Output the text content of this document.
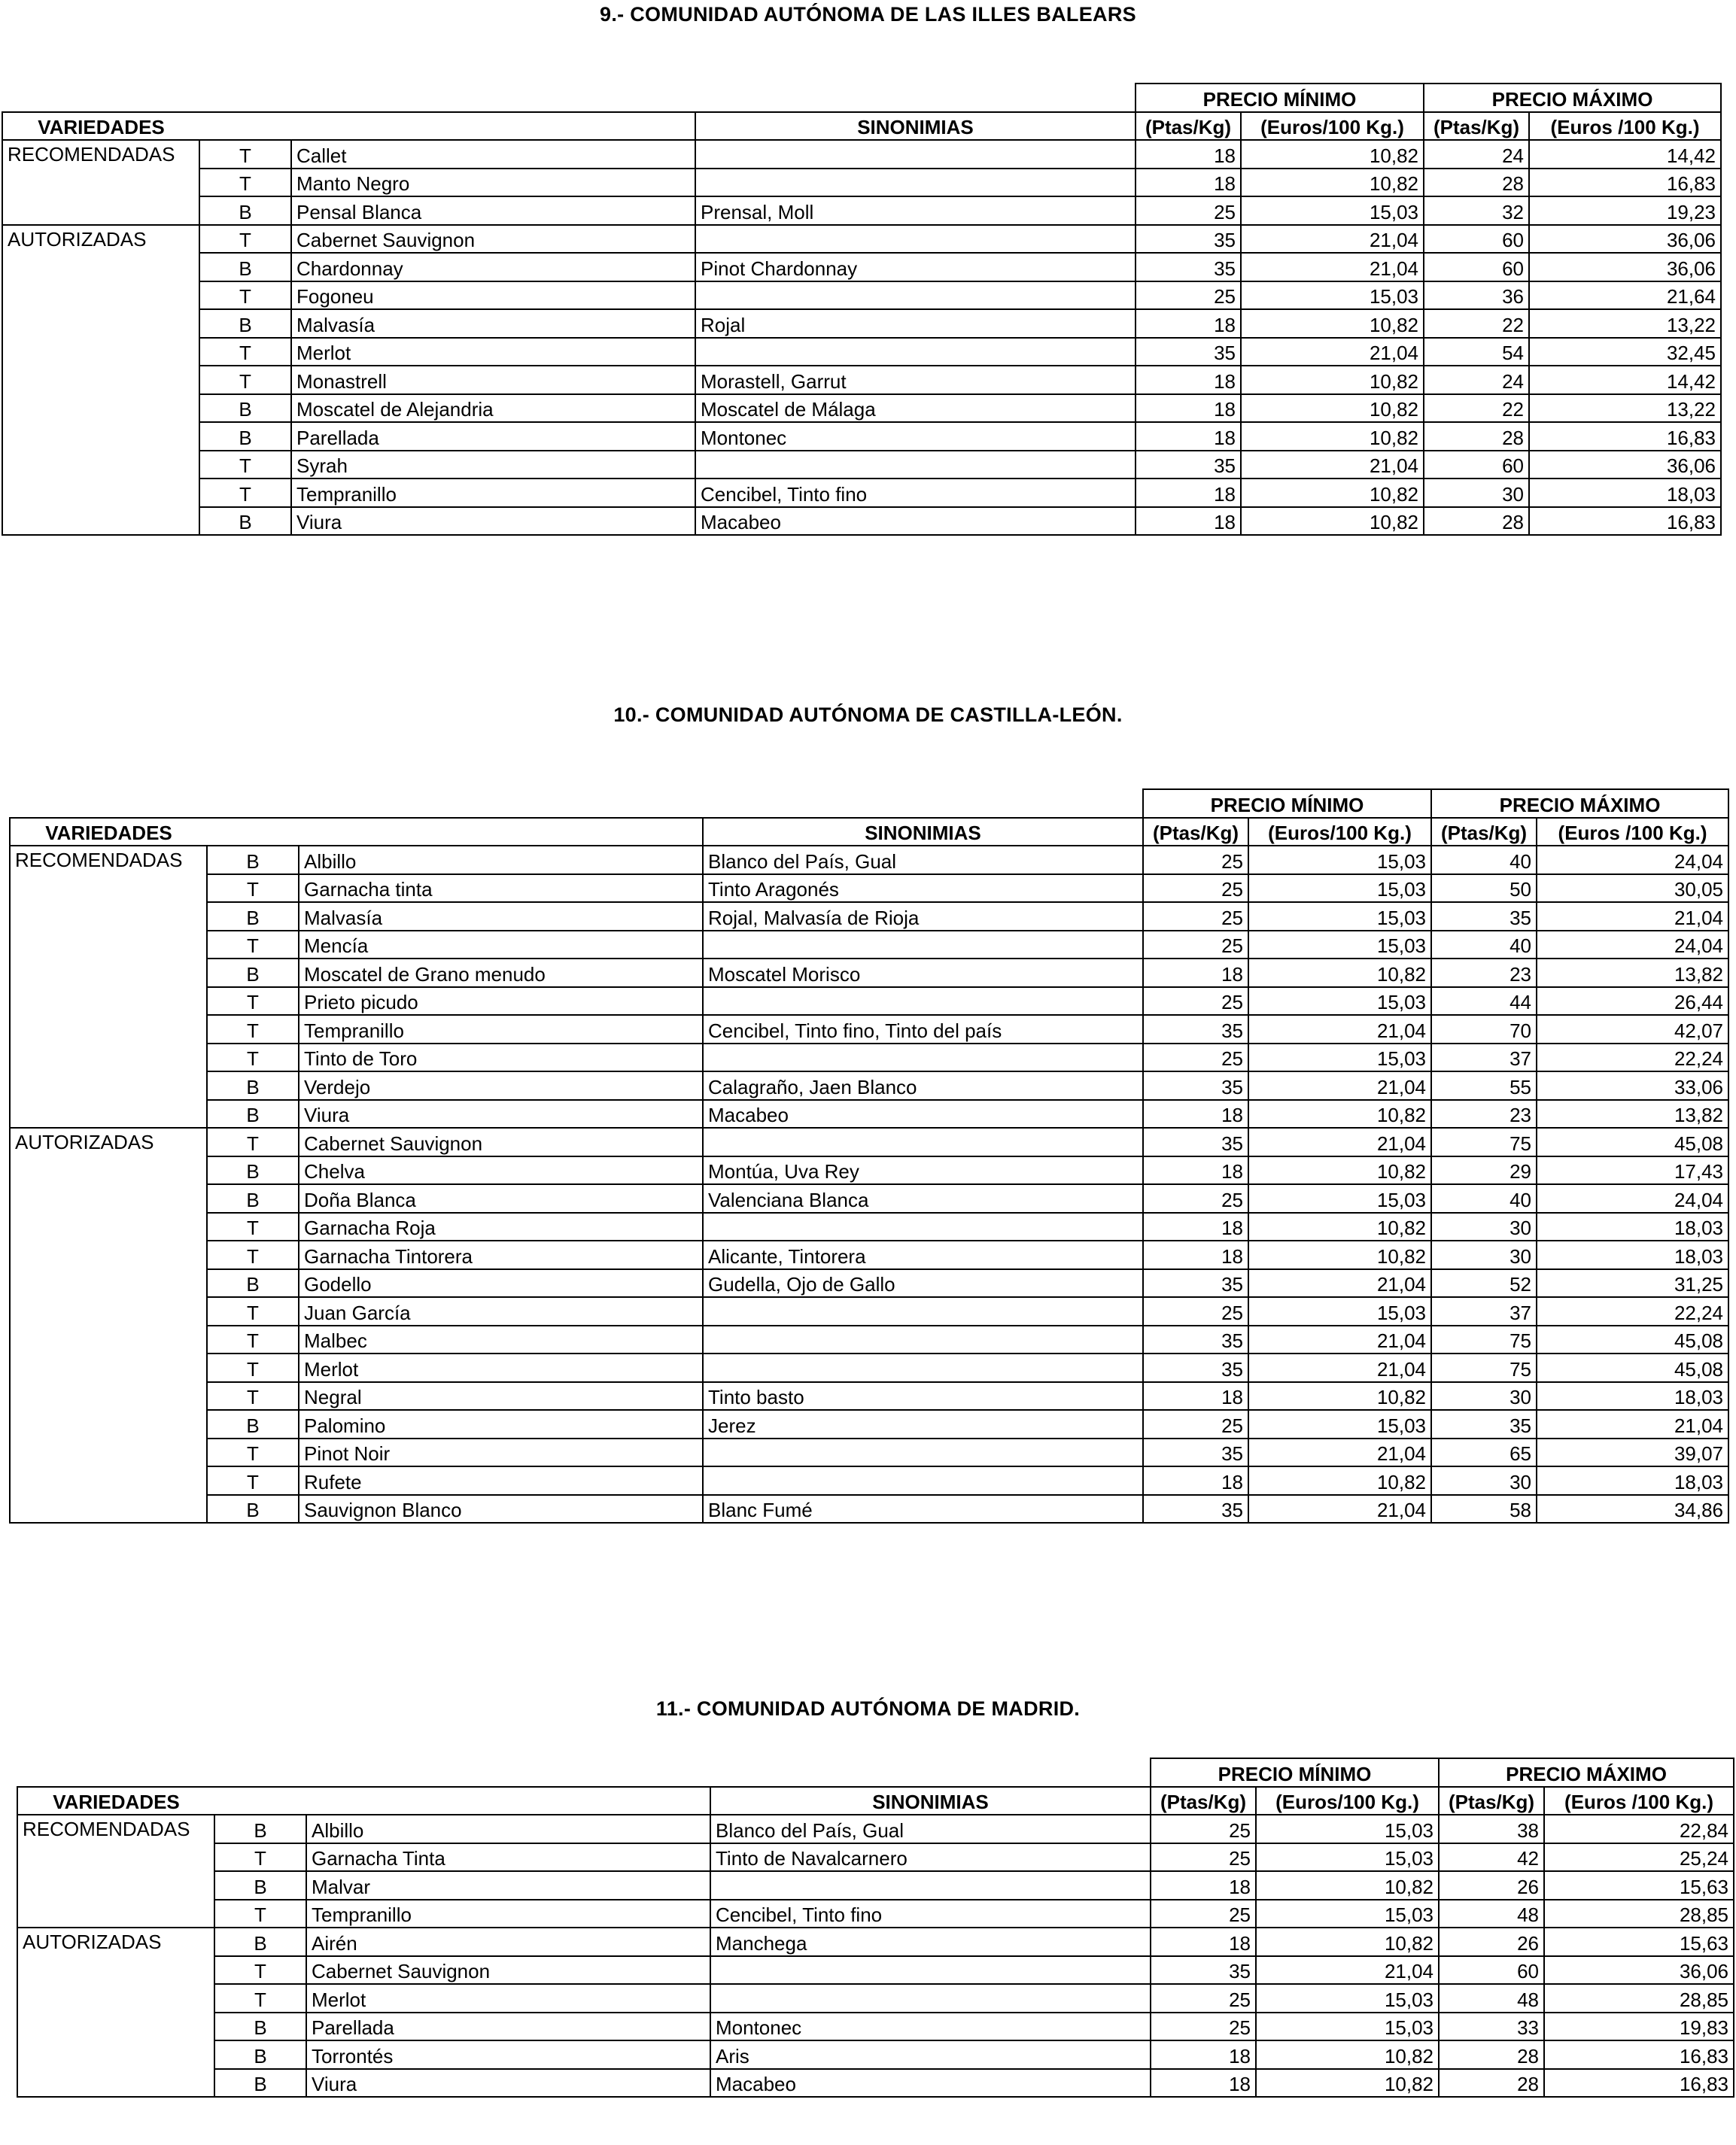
9.- COMUNIDAD AUTÓNOMA DE LAS ILLES BALEARS
				PRECIO MÍNIMO		PRECIO MÁXIMO	
VARIEDADES			SINONIMIAS	(Ptas/Kg)	(Euros/100 Kg.)	(Ptas/Kg)	(Euros /100 Kg.)
RECOMENDADAS	T	Callet		18	10,82	24	14,42
	T	Manto Negro		18	10,82	28	16,83
	B	Pensal Blanca	Prensal, Moll	25	15,03	32	19,23
AUTORIZADAS	T	Cabernet Sauvignon		35	21,04	60	36,06
	B	Chardonnay	Pinot Chardonnay	35	21,04	60	36,06
	T	Fogoneu		25	15,03	36	21,64
	B	Malvasía	Rojal	18	10,82	22	13,22
	T	Merlot		35	21,04	54	32,45
	T	Monastrell	Morastell, Garrut	18	10,82	24	14,42
	B	Moscatel de Alejandria	Moscatel de Málaga	18	10,82	22	13,22
	B	Parellada	Montonec	18	10,82	28	16,83
	T	Syrah		35	21,04	60	36,06
	T	Tempranillo	Cencibel, Tinto fino	18	10,82	30	18,03
	B	Viura	Macabeo	18	10,82	28	16,83
10.- COMUNIDAD AUTÓNOMA DE CASTILLA-LEÓN.
				PRECIO MÍNIMO		PRECIO MÁXIMO	
VARIEDADES			SINONIMIAS	(Ptas/Kg)	(Euros/100 Kg.)	(Ptas/Kg)	(Euros /100 Kg.)
RECOMENDADAS	B	Albillo	Blanco del País, Gual	25	15,03	40	24,04
	T	Garnacha tinta	Tinto Aragonés	25	15,03	50	30,05
	B	Malvasía	Rojal, Malvasía de Rioja	25	15,03	35	21,04
	T	Mencía		25	15,03	40	24,04
	B	Moscatel de Grano menudo	Moscatel Morisco	18	10,82	23	13,82
	T	Prieto picudo		25	15,03	44	26,44
	T	Tempranillo	Cencibel, Tinto fino, Tinto del país	35	21,04	70	42,07
	T	Tinto de Toro		25	15,03	37	22,24
	B	Verdejo	Calagraño, Jaen Blanco	35	21,04	55	33,06
	B	Viura	Macabeo	18	10,82	23	13,82
AUTORIZADAS	T	Cabernet Sauvignon		35	21,04	75	45,08
	B	Chelva	Montúa, Uva Rey	18	10,82	29	17,43
	B	Doña Blanca	Valenciana Blanca	25	15,03	40	24,04
	T	Garnacha Roja		18	10,82	30	18,03
	T	Garnacha Tintorera	Alicante, Tintorera	18	10,82	30	18,03
	B	Godello	Gudella, Ojo de Gallo	35	21,04	52	31,25
	T	Juan García		25	15,03	37	22,24
	T	Malbec		35	21,04	75	45,08
	T	Merlot		35	21,04	75	45,08
	T	Negral	Tinto basto	18	10,82	30	18,03
	B	Palomino	Jerez	25	15,03	35	21,04
	T	Pinot Noir		35	21,04	65	39,07
	T	Rufete		18	10,82	30	18,03
	B	Sauvignon Blanco	Blanc Fumé	35	21,04	58	34,86
11.- COMUNIDAD AUTÓNOMA DE MADRID.
				PRECIO MÍNIMO		PRECIO MÁXIMO	
VARIEDADES			SINONIMIAS	(Ptas/Kg)	(Euros/100 Kg.)	(Ptas/Kg)	(Euros /100 Kg.)
RECOMENDADAS	B	Albillo	Blanco del País, Gual	25	15,03	38	22,84
	T	Garnacha Tinta	Tinto de Navalcarnero	25	15,03	42	25,24
	B	Malvar		18	10,82	26	15,63
	T	Tempranillo	Cencibel, Tinto fino	25	15,03	48	28,85
AUTORIZADAS	B	Airén	Manchega	18	10,82	26	15,63
	T	Cabernet Sauvignon		35	21,04	60	36,06
	T	Merlot		25	15,03	48	28,85
	B	Parellada	Montonec	25	15,03	33	19,83
	B	Torrontés	Aris	18	10,82	28	16,83
	B	Viura	Macabeo	18	10,82	28	16,83
